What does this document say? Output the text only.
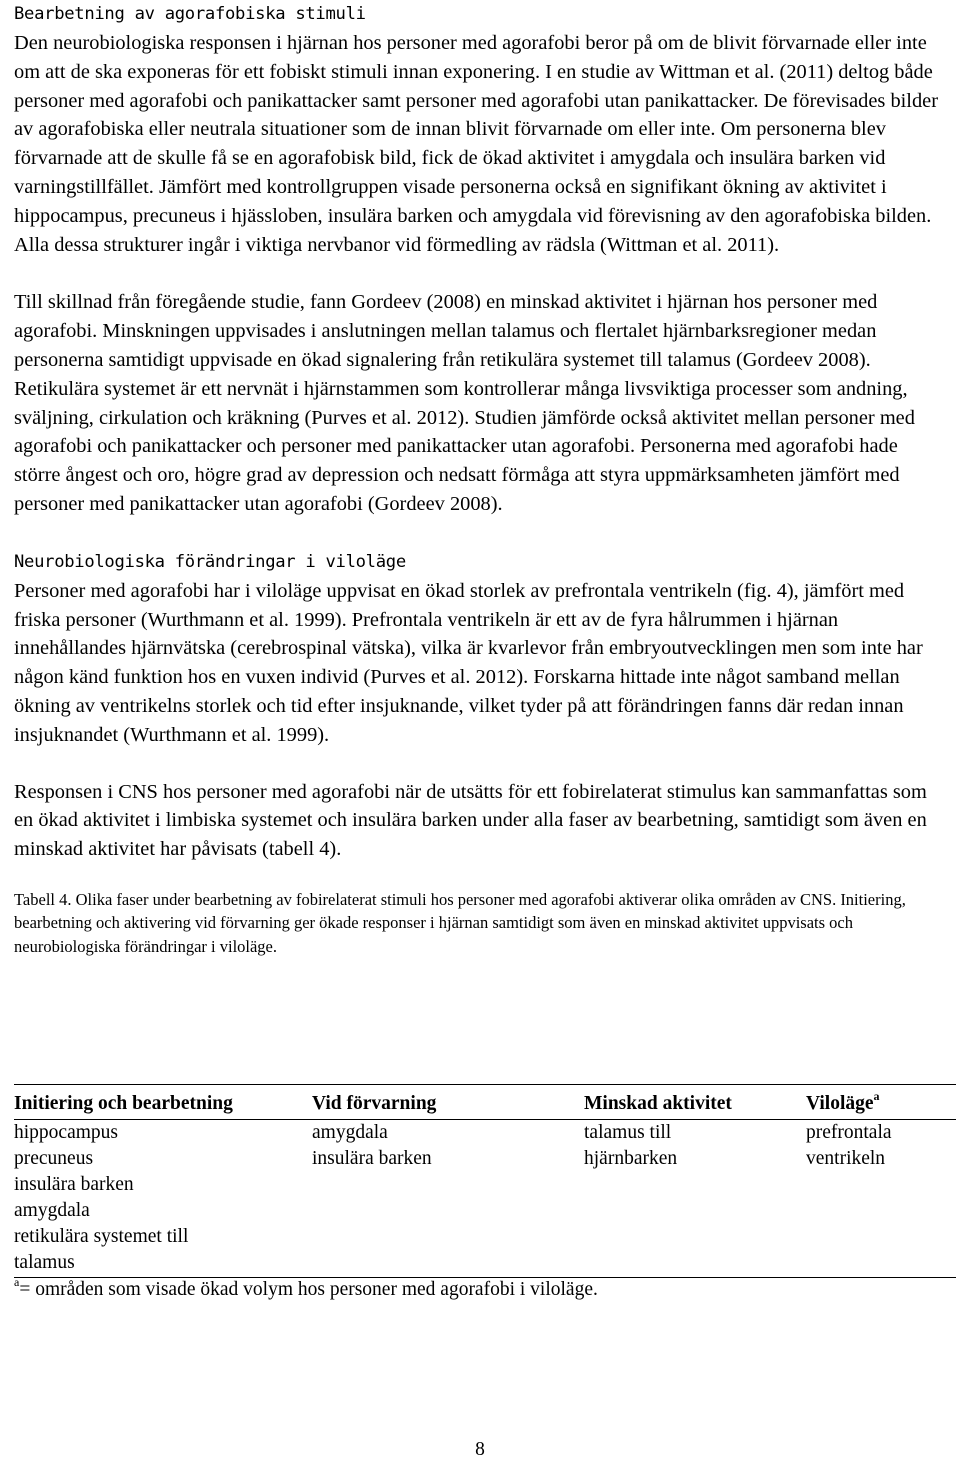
Bearbetning av agorafobiska stimuli

Den neurobiologiska responsen i hjärnan hos personer med agorafobi beror på om de blivit förvarnade eller inte om att de ska exponeras för ett fobiskt stimuli innan exponering. I en studie av Wittman et al. (2011) deltog både personer med agorafobi och panikattacker samt personer med agorafobi utan panikattacker. De förevisades bilder av agorafobiska eller neutrala situationer som de innan blivit förvarnade om eller inte. Om personerna blev förvarnade att de skulle få se en agorafobisk bild, fick de ökad aktivitet i amygdala och insulära barken vid varningstillfället. Jämfört med kontrollgruppen visade personerna också en signifikant ökning av aktivitet i hippocampus, precuneus i hjässloben, insulära barken och amygdala vid förevisning av den agorafobiska bilden. Alla dessa strukturer ingår i viktiga nervbanor vid förmedling av rädsla (Wittman et al. 2011).

Till skillnad från föregående studie, fann Gordeev (2008) en minskad aktivitet i hjärnan hos personer med agorafobi. Minskningen uppvisades i anslutningen mellan talamus och flertalet hjärnbarksregioner medan personerna samtidigt uppvisade en ökad signalering från retikulära systemet till talamus (Gordeev 2008). Retikulära systemet är ett nervnät i hjärnstammen som kontrollerar många livsviktiga processer som andning, sväljning, cirkulation och kräkning (Purves et al. 2012). Studien jämförde också aktivitet mellan personer med agorafobi och panikattacker och personer med panikattacker utan agorafobi. Personerna med agorafobi hade större ångest och oro, högre grad av depression och nedsatt förmåga att styra uppmärksamheten jämfört med personer med panikattacker utan agorafobi (Gordeev 2008).

Neurobiologiska förändringar i viloläge

Personer med agorafobi har i viloläge uppvisat en ökad storlek av prefrontala ventrikeln (fig. 4), jämfört med friska personer (Wurthmann et al. 1999). Prefrontala ventrikeln är ett av de fyra hålrummen i hjärnan innehållandes hjärnvätska (cerebrospinal vätska), vilka är kvarlevor från embryoutvecklingen men som inte har någon känd funktion hos en vuxen individ (Purves et al. 2012). Forskarna hittade inte något samband mellan ökning av ventrikelns storlek och tid efter insjuknande, vilket tyder på att förändringen fanns där redan innan insjuknandet (Wurthmann et al. 1999).

Responsen i CNS hos personer med agorafobi när de utsätts för ett fobirelaterat stimulus kan sammanfattas som en ökad aktivitet i limbiska systemet och insulära barken under alla faser av bearbetning, samtidigt som även en minskad aktivitet har påvisats (tabell 4).

Tabell 4. Olika faser under bearbetning av fobirelaterat stimuli hos personer med agorafobi aktiverar olika områden av CNS. Initiering, bearbetning och aktivering vid förvarning ger ökade responser i hjärnan samtidigt som även en minskad aktivitet uppvisats och neurobiologiska förändringar i viloläge.

Initiering och bearbetning	Vid förvarning	Minskad aktivitet	Viloläge$^a$
hippocampus	amygdala	talamus till	prefrontala
precuneus	insulära barken	hjärnbarken	ventrikeln
insulära barken			
amygdala			
retikulära systemet till			
talamus			

$^a$= områden som visade ökad volym hos personer med agorafobi i viloläge.

8
